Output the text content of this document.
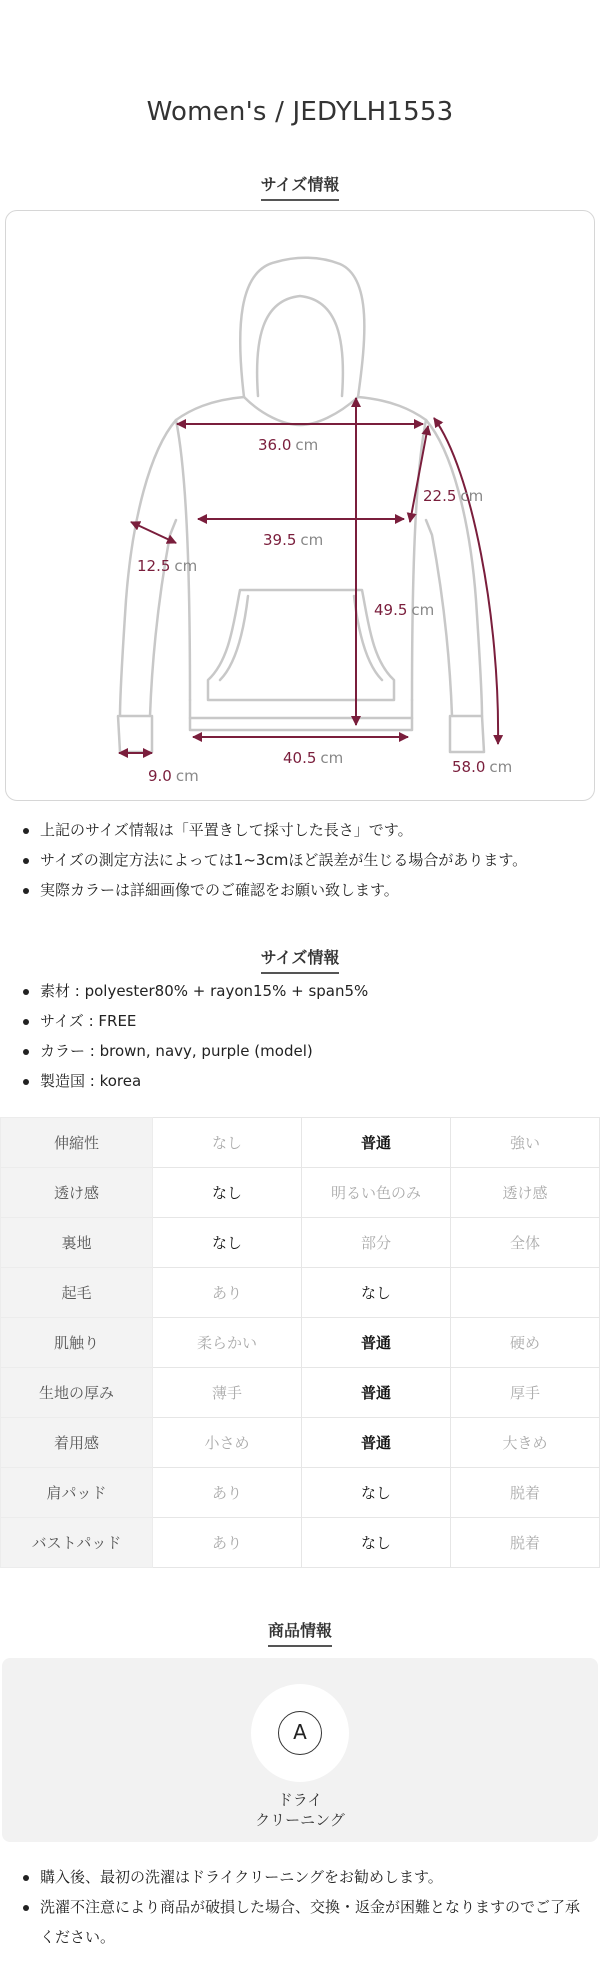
Women's / JEDYLH1553
サイズ情報
36.0 cm
39.5 cm
22.5 cm
12.5 cm
49.5 cm
40.5 cm
9.0 cm	58.0 cm
上記のサイズ情報は「平置きして採寸した長さ」です。
サイズの測定方法によっては1~3cmほど誤差が生じる場合があります。
実際カラーは詳細画像でのご確認をお願い致します。
サイズ情報
素材 : polyester80% + rayon15% + span5%
サイズ : FREE
カラー : brown, navy, purple (model)
製造国 : korea
伸縮性	なし	普通	強い
透け感	なし	明るい色のみ	透け感
裏地	なし	部分	全体
起毛	あり	なし	
肌触り	柔らかい	普通	硬め
生地の厚み	薄手	普通	厚手
着用感	小さめ	普通	大きめ
肩パッド	あり	なし	脱着
バストパッド	あり	なし	脱着
商品情報
A
ドライ
クリーニング
購入後、最初の洗濯はドライクリーニングをお勧めします。
洗濯不注意により商品が破損した場合、交換・返金が困難となりますのでご了承ください。
